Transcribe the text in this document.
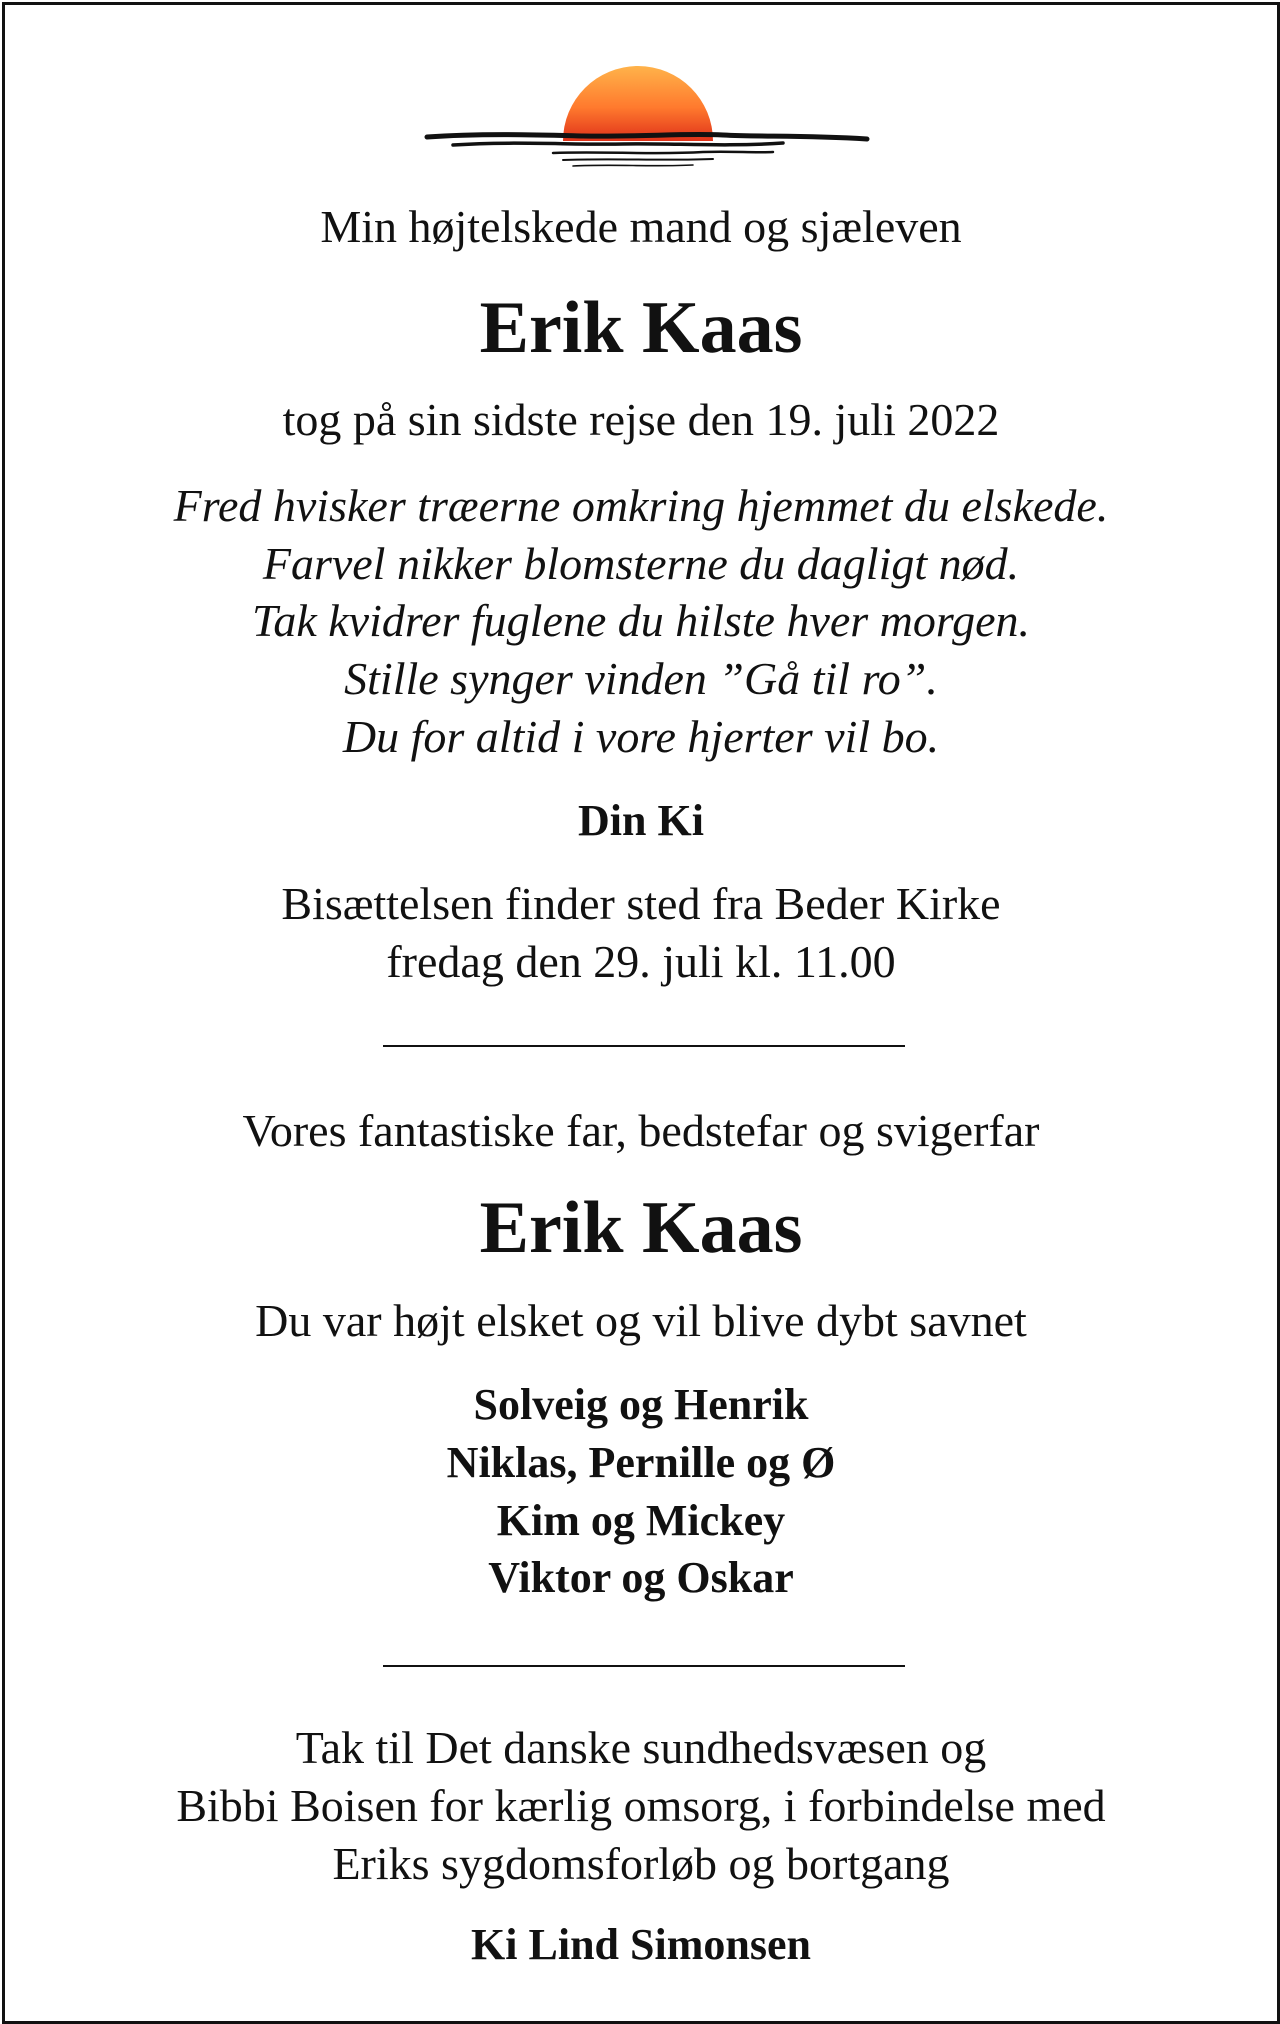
Min højtelskede mand og sjæleven

Erik Kaas

tog på sin sidste rejse den 19. juli 2022

Fred hvisker træerne omkring hjemmet du elskede.

Farvel nikker blomsterne du dagligt nød.

Tak kvidrer fuglene du hilste hver morgen.

Stille synger vinden ”Gå til ro”.

Du for altid i vore hjerter vil bo.

Din Ki

Bisættelsen finder sted fra Beder Kirke

fredag den 29. juli kl. 11.00

Vores fantastiske far, bedstefar og svigerfar

Erik Kaas

Du var højt elsket og vil blive dybt savnet

Solveig og Henrik

Niklas, Pernille og Ø

Kim og Mickey

Viktor og Oskar

Tak til Det danske sundhedsvæsen og

Bibbi Boisen for kærlig omsorg, i forbindelse med

Eriks sygdomsforløb og bortgang

Ki Lind Simonsen
